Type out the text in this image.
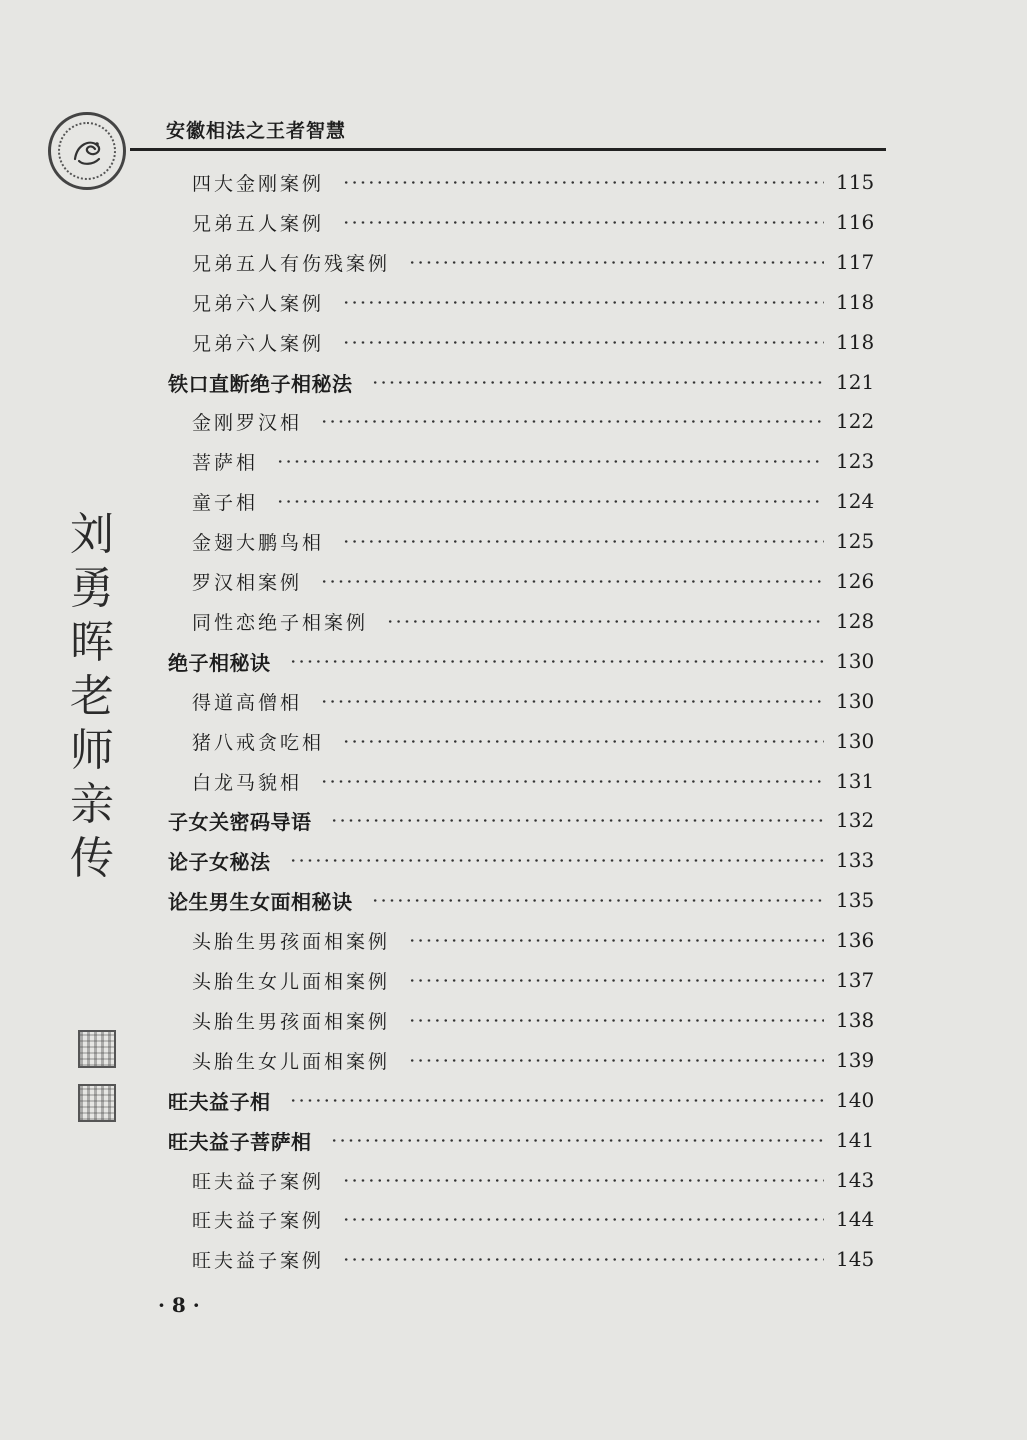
安徽相法之王者智慧
刘
勇
晖
老
师
亲
传
四大金刚案例	115
兄弟五人案例	116
兄弟五人有伤残案例	117
兄弟六人案例	118
兄弟六人案例	118
铁口直断绝子相秘法	121
金刚罗汉相	122
菩萨相	123
童子相	124
金翅大鹏鸟相	125
罗汉相案例	126
同性恋绝子相案例	128
绝子相秘诀	130
得道高僧相	130
猪八戒贪吃相	130
白龙马貌相	131
子女关密码导语	132
论子女秘法	133
论生男生女面相秘诀	135
头胎生男孩面相案例	136
头胎生女儿面相案例	137
头胎生男孩面相案例	138
头胎生女儿面相案例	139
旺夫益子相	140
旺夫益子菩萨相	141
旺夫益子案例	143
旺夫益子案例	144
旺夫益子案例	145
· 8 ·
